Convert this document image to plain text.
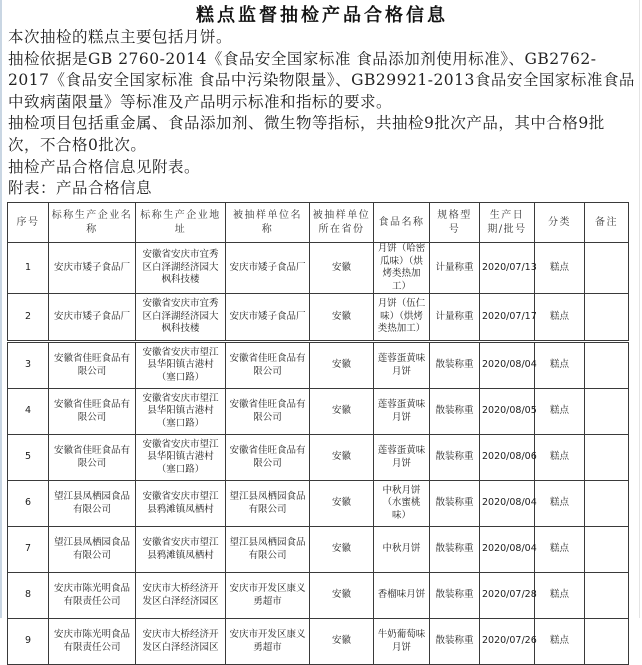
糕点监督抽检产品合格信息

本次抽检的糕点主要包括月饼。

抽检依据是GB 2760-2014《食品安全国家标准 食品添加剂使用标准》、GB2762-2017《食品安全国家标准 食品中污染物限量》、GB29921-2013食品安全国家标准食品中致病菌限量》等标准及产品明示标准和指标的要求。

抽检项目包括重金属、食品添加剂、微生物等指标，共抽检9批次产品，其中合格9批次，不合格0批次。

抽检产品合格信息见附表。

附表：产品合格信息

序号	标称生产企业名称	标称生产企业地址	被抽样单位名称	被抽样单位所在省份	食品名称	规格型号	生产日期/批号	分类	备注
1	安庆市矮子食品厂	安徽省安庆市宜秀区白泽湖经济园大枫科技楼	安庆市矮子食品厂	安徽	月饼（哈密瓜味）（烘烤类热加工）	计量称重	2020/07/13	糕点	
2	安庆市矮子食品厂	安徽省安庆市宜秀区白泽湖经济园大枫科技楼	安庆市矮子食品厂	安徽	月饼（伍仁味）（烘烤类热加工）	计量称重	2020/07/17	糕点	
3	安徽省佳旺食品有限公司	安徽省安庆市望江县华阳镇古港村（塞口路）	安徽省佳旺食品有限公司	安徽	莲蓉蛋黄味月饼	散装称重	2020/08/04	糕点	
4	安徽省佳旺食品有限公司	安徽省安庆市望江县华阳镇古港村（塞口路）	安徽省佳旺食品有限公司	安徽	莲蓉蛋黄味月饼	散装称重	2020/08/05	糕点	
5	安徽省佳旺食品有限公司	安徽省安庆市望江县华阳镇古港村（塞口路）	安徽省佳旺食品有限公司	安徽	莲蓉蛋黄味月饼	散装称重	2020/08/06	糕点	
6	望江县凤栖园食品有限公司	安徽省安庆市望江县鸦滩镇凤栖村	望江县凤栖园食品有限公司	安徽	中秋月饼（水蜜桃味）	散装称重	2020/08/04	糕点	
7	望江县凤栖园食品有限公司	安徽省安庆市望江县鸦滩镇凤栖村	望江县凤栖园食品有限公司	安徽	中秋月饼	散装称重	2020/08/04	糕点	
8	安庆市陈光明食品有限责任公司	安庆市大桥经济开发区白泽经济园区	安庆市开发区康义勇超市	安徽	香榴味月饼	散装称重	2020/07/28	糕点	
9	安庆市陈光明食品有限责任公司	安庆市大桥经济开发区白泽经济园区	安庆市开发区康义勇超市	安徽	牛奶葡萄味月饼	散装称重	2020/07/26	糕点	
